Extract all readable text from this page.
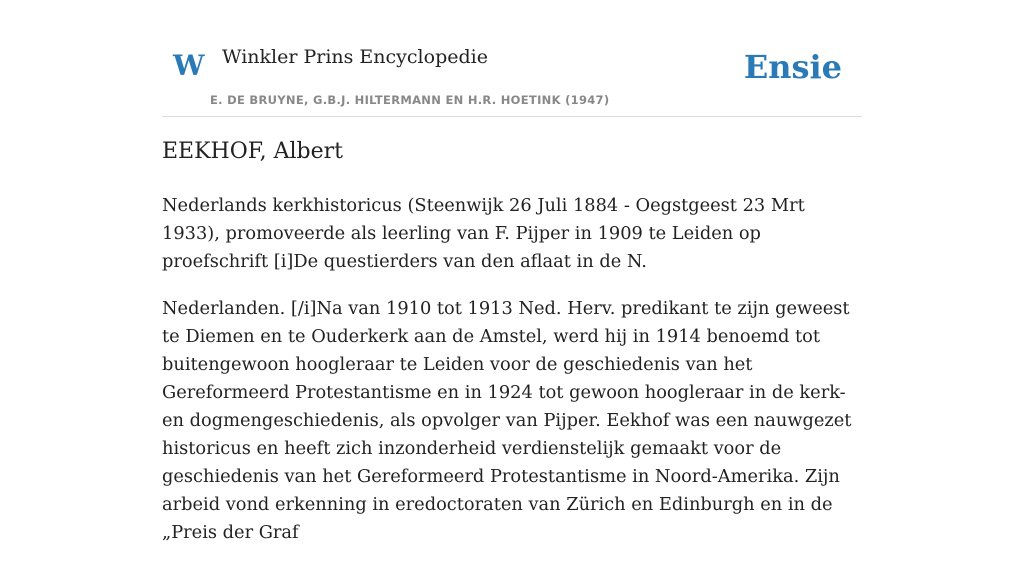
W Winkler Prins Encyclopedie
E. DE BRUYNE, G.B.J. HILTERMANN EN H.R. HOETINK (1947)
Ensie
EEKHOF, Albert

Nederlands kerkhistoricus (Steenwijk 26 Juli 1884 - Oegstgeest 23 Mrt 1933), promoveerde als leerling van F. Pijper in 1909 te Leiden op proefschrift [i]De questierders van den aflaat in de N.

Nederlanden. [/i]Na van 1910 tot 1913 Ned. Herv. predikant te zijn geweest te Diemen en te Ouderkerk aan de Amstel, werd hij in 1914 benoemd tot buitengewoon hoogleraar te Leiden voor de geschiedenis van het Gereformeerd Protestantisme en in 1924 tot gewoon hoogleraar in de kerk- en dogmengeschiedenis, als opvolger van Pijper. Eekhof was een nauwgezet historicus en heeft zich inzonderheid verdienstelijk gemaakt voor de geschiedenis van het Gereformeerd Protestantisme in Noord-Amerika. Zijn arbeid vond erkenning in eredoctoraten van Zürich en Edinburgh en in de „Preis der Graf
